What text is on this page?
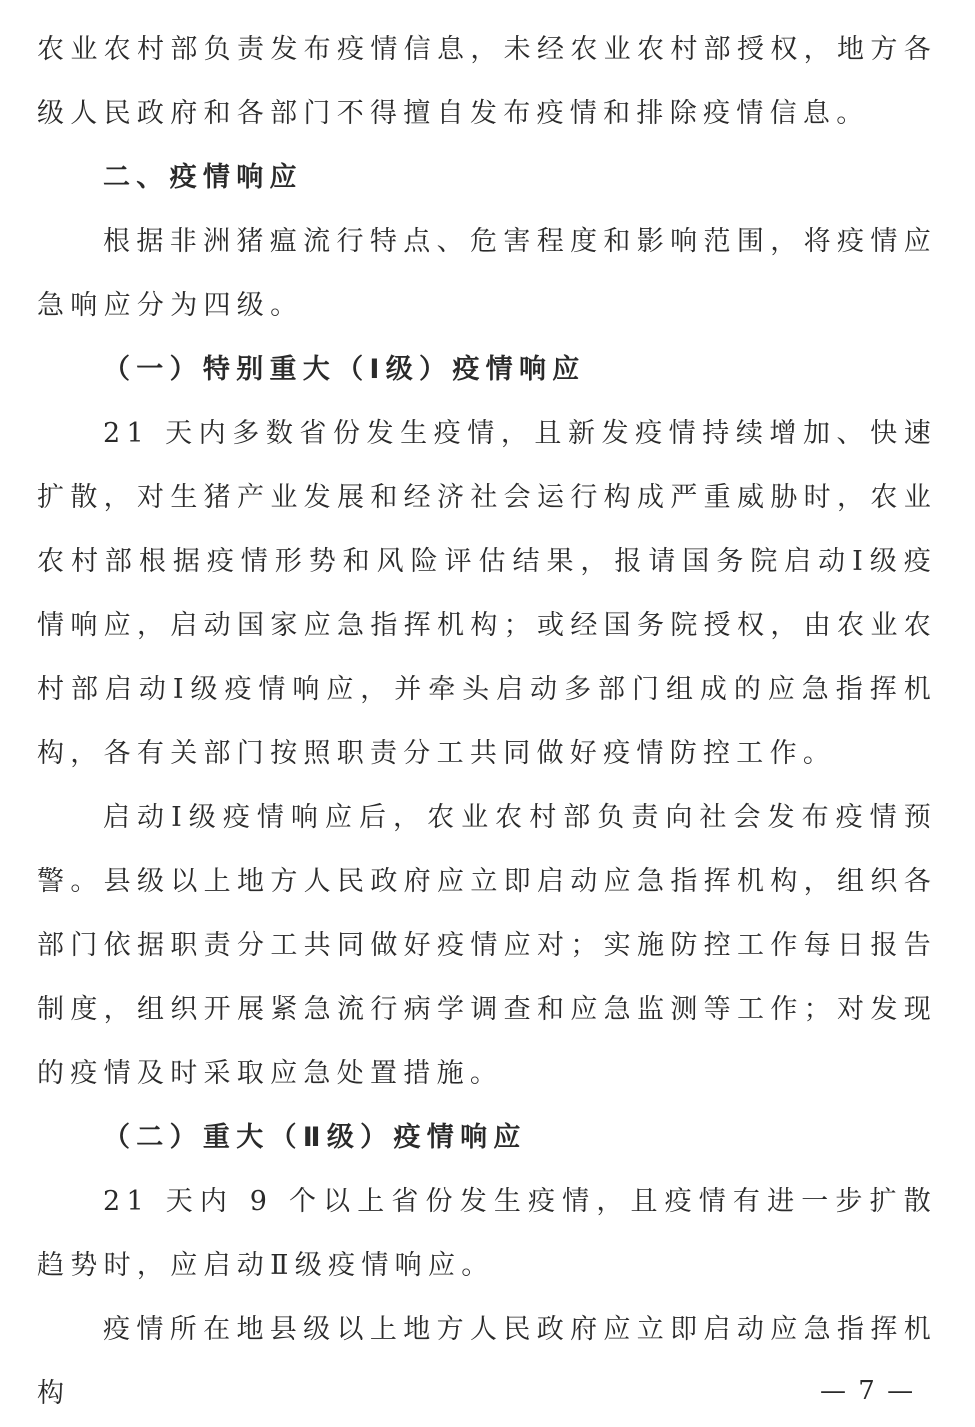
农业农村部负责发布疫情信息，未经农业农村部授权，地方各级人民政府和各部门不得擅自发布疫情和排除疫情信息。

二、疫情响应

根据非洲猪瘟流行特点、危害程度和影响范围，将疫情应急响应分为四级。

（一）特别重大（Ⅰ级）疫情响应

21 天内多数省份发生疫情，且新发疫情持续增加、快速扩散，对生猪产业发展和经济社会运行构成严重威胁时，农业农村部根据疫情形势和风险评估结果，报请国务院启动Ⅰ级疫情响应，启动国家应急指挥机构；或经国务院授权，由农业农村部启动Ⅰ级疫情响应，并牵头启动多部门组成的应急指挥机构，各有关部门按照职责分工共同做好疫情防控工作。

启动Ⅰ级疫情响应后，农业农村部负责向社会发布疫情预警。县级以上地方人民政府应立即启动应急指挥机构，组织各部门依据职责分工共同做好疫情应对；实施防控工作每日报告制度，组织开展紧急流行病学调查和应急监测等工作；对发现的疫情及时采取应急处置措施。

（二）重大（Ⅱ级）疫情响应

21 天内 9 个以上省份发生疫情，且疫情有进一步扩散趋势时，应启动Ⅱ级疫情响应。

疫情所在地县级以上地方人民政府应立即启动应急指挥机构	— 7 —
